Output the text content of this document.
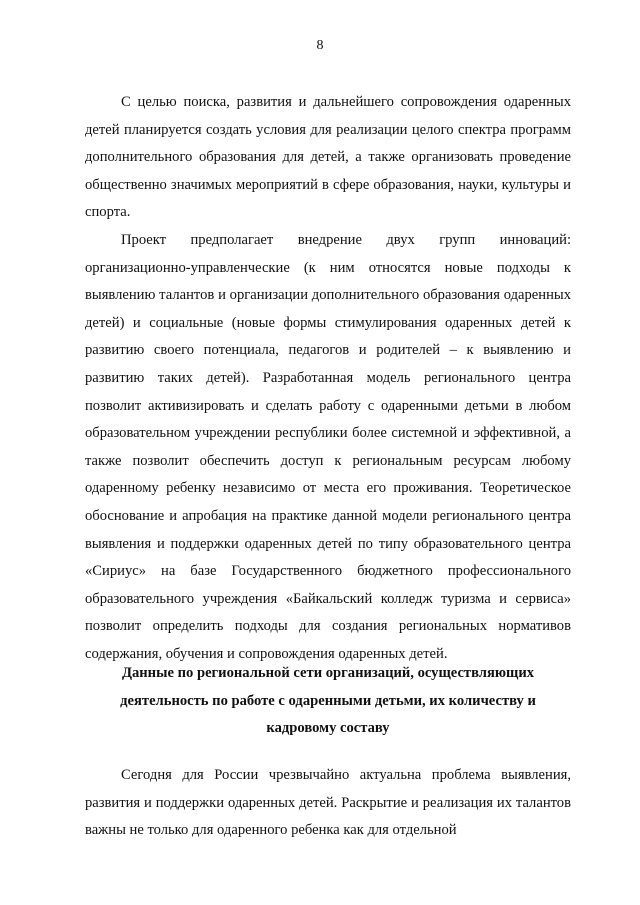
8

С целью поиска, развития и дальнейшего сопровождения одаренных детей планируется создать условия для реализации целого спектра программ дополнительного образования для детей, а также организовать проведение общественно значимых мероприятий в сфере образования, науки, культуры и спорта.

Проект предполагает внедрение двух групп инноваций: организационно-управленческие (к ним относятся новые подходы к выявлению талантов и организации дополнительного образования одаренных детей) и социальные (новые формы стимулирования одаренных детей к развитию своего потенциала, педагогов и родителей – к выявлению и развитию таких детей). Разработанная модель регионального центра позволит активизировать и сделать работу с одаренными детьми в любом образовательном учреждении республики более системной и эффективной, а также позволит обеспечить доступ к региональным ресурсам любому одаренному ребенку независимо от места его проживания. Теоретическое обоснование и апробация на практике данной модели регионального центра выявления и поддержки одаренных детей по типу образовательного центра «Сириус» на базе Государственного бюджетного профессионального образовательного учреждения «Байкальский колледж туризма и сервиса» позволит определить подходы для создания региональных нормативов содержания, обучения и сопровождения одаренных детей.

Данные по региональной сети организаций, осуществляющих деятельность по работе с одаренными детьми, их количеству и кадровому составу

Сегодня для России чрезвычайно актуальна проблема выявления, развития и поддержки одаренных детей. Раскрытие и реализация их талантов важны не только для одаренного ребенка как для отдельной
